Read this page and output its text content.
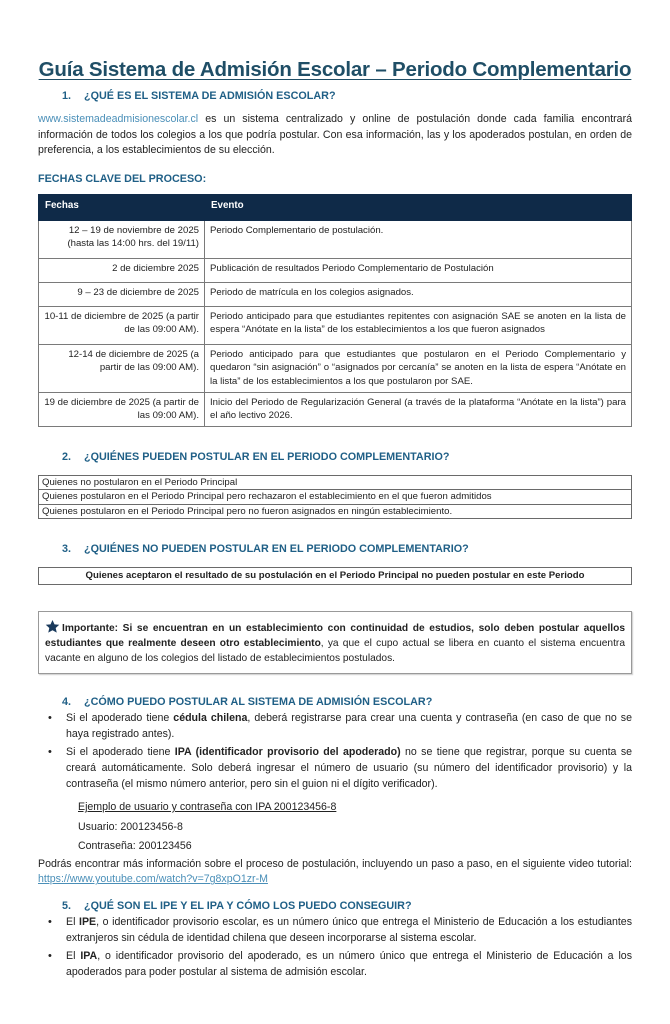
Guía Sistema de Admisión Escolar – Periodo Complementario
1. ¿QUÉ ES EL SISTEMA DE ADMISIÓN ESCOLAR?

www.sistemadeadmisionescolar.cl es un sistema centralizado y online de postulación donde cada familia encontrará información de todos los colegios a los que podría postular. Con esa información, las y los apoderados postulan, en orden de preferencia, a los establecimientos de su elección.

FECHAS CLAVE DEL PROCESO:
Fechas	Evento
12 – 19 de noviembre de 2025 (hasta las 14:00 hrs. del 19/11)	Periodo Complementario de postulación.
2 de diciembre 2025	Publicación de resultados Periodo Complementario de Postulación
9 – 23 de diciembre de 2025	Periodo de matrícula en los colegios asignados.
10-11 de diciembre de 2025 (a partir de las 09:00 AM).	Periodo anticipado para que estudiantes repitentes con asignación SAE se anoten en la lista de espera “Anótate en la lista” de los establecimientos a los que fueron asignados
12-14 de diciembre de 2025 (a partir de las 09:00 AM).	Periodo anticipado para que estudiantes que postularon en el Periodo Complementario y quedaron “sin asignación” o “asignados por cercanía” se anoten en la lista de espera “Anótate en la lista” de los establecimientos a los que postularon por SAE.
19 de diciembre de 2025 (a partir de las 09:00 AM).	Inicio del Periodo de Regularización General (a través de la plataforma “Anótate en la lista”) para el año lectivo 2026.
2. ¿QUIÉNES PUEDEN POSTULAR EN EL PERIODO COMPLEMENTARIO?
Quienes no postularon en el Periodo Principal
Quienes postularon en el Periodo Principal pero rechazaron el establecimiento en el que fueron admitidos
Quienes postularon en el Periodo Principal pero no fueron asignados en ningún establecimiento.
3. ¿QUIÉNES NO PUEDEN POSTULAR EN EL PERIODO COMPLEMENTARIO?
Quienes aceptaron el resultado de su postulación en el Periodo Principal no pueden postular en este Periodo
Importante: Si se encuentran en un establecimiento con continuidad de estudios, solo deben postular aquellos estudiantes que realmente deseen otro establecimiento, ya que el cupo actual se libera en cuanto el sistema encuentra vacante en alguno de los colegios del listado de establecimientos postulados.
4. ¿CÓMO PUEDO POSTULAR AL SISTEMA DE ADMISIÓN ESCOLAR?
• Si el apoderado tiene cédula chilena, deberá registrarse para crear una cuenta y contraseña (en caso de que no se haya registrado antes).
• Si el apoderado tiene IPA (identificador provisorio del apoderado) no se tiene que registrar, porque su cuenta se creará automáticamente. Solo deberá ingresar el número de usuario (su número del identificador provisorio) y la contraseña (el mismo número anterior, pero sin el guion ni el dígito verificador).
Ejemplo de usuario y contraseña con IPA 200123456-8
Usuario: 200123456-8
Contraseña: 200123456

Podrás encontrar más información sobre el proceso de postulación, incluyendo un paso a paso, en el siguiente video tutorial: https://www.youtube.com/watch?v=7g8xpO1zr-M

5. ¿QUÉ SON EL IPE Y EL IPA Y CÓMO LOS PUEDO CONSEGUIR?
• El IPE, o identificador provisorio escolar, es un número único que entrega el Ministerio de Educación a los estudiantes extranjeros sin cédula de identidad chilena que deseen incorporarse al sistema escolar.
• El IPA, o identificador provisorio del apoderado, es un número único que entrega el Ministerio de Educación a los apoderados para poder postular al sistema de admisión escolar.
